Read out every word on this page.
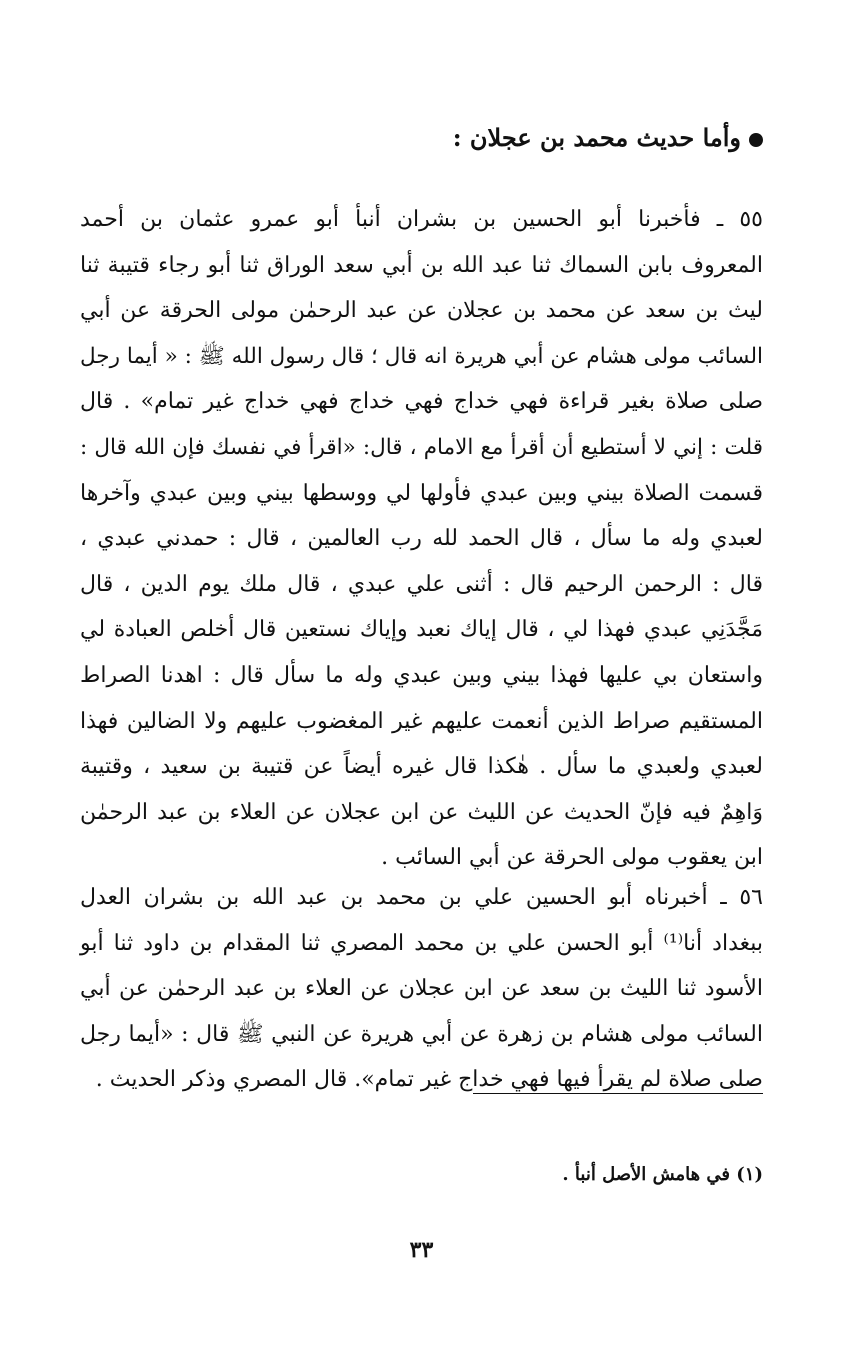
وأما حديث محمد بن عجلان :
٥٥ ـ فأخبرنا أبو الحسين بن بشران أنبأ أبو عمرو عثمان بن أحمد
المعروف بابن السماك ثنا عبد الله بن أبي سعد الوراق ثنا أبو رجاء قتيبة ثنا
ليث بن سعد عن محمد بن عجلان عن عبد الرحمٰن مولى الحرقة عن أبي
السائب مولى هشام عن أبي هريرة انه قال ؛ قال رسول الله ﷺ : « أيما رجل
صلى صلاة بغير قراءة فهي خداج فهي خداج فهي خداج غير تمام» . قال
قلت : إني لا أستطيع أن أقرأ مع الامام ، قال: «اقرأ في نفسك فإن الله قال :
قسمت الصلاة بيني وبين عبدي فأولها لي ووسطها بيني وبين عبدي وآخرها
لعبدي وله ما سأل ، قال الحمد لله رب العالمين ، قال : حمدني عبدي ،
قال : الرحمن الرحيم قال : أثنى علي عبدي ، قال ملك يوم الدين ، قال
مَجَّدَنِي عبدي فهذا لي ، قال إياك نعبد وإياك نستعين قال أخلص العبادة لي
واستعان بي عليها فهذا بيني وبين عبدي وله ما سأل قال : اهدنا الصراط
المستقيم صراط الذين أنعمت عليهم غير المغضوب عليهم ولا الضالين فهذا
لعبدي ولعبدي ما سأل . هٰكذا قال غيره أيضاً عن قتيبة بن سعيد ، وقتيبة
وَاهِمٌ فيه فإنّ الحديث عن الليث عن ابن عجلان عن العلاء بن عبد الرحمٰن
ابن يعقوب مولى الحرقة عن أبي السائب .
٥٦ ـ أخبرناه أبو الحسين علي بن محمد بن عبد الله بن بشران العدل
ببغداد أنا⁽¹⁾ أبو الحسن علي بن محمد المصري ثنا المقدام بن داود ثنا أبو
الأسود ثنا الليث بن سعد عن ابن عجلان عن العلاء بن عبد الرحمٰن عن أبي
السائب مولى هشام بن زهرة عن أبي هريرة عن النبي ﷺ قال : «أيما رجل
صلى صلاة لم يقرأ فيها فهي خداج غير تمام». قال المصري وذكر الحديث .
(١) في هامش الأصل أنبأ .
٣٣
